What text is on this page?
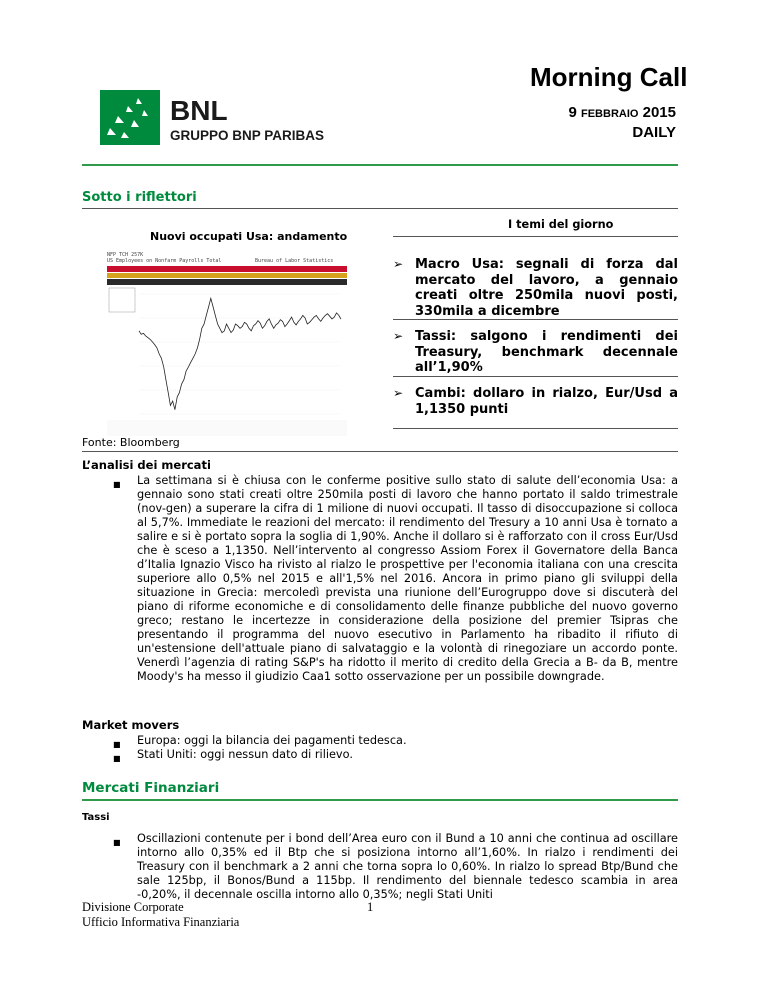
BNL
GRUPPO BNP PARIBAS
Morning Call
9 FEBBRAIO 2015
DAILY
Sotto i riflettori
Nuovi occupati Usa: andamento
I temi del giorno
NFP TCH 257K
US Employees on Nonfarm Payrolls Total	Bureau of Labor Statistics	➢ Macro Usa: segnali di forza dal mercato del lavoro, a gennaio creati oltre 250mila nuovi posti, 330mila a dicembre
➢ Tassi: salgono i rendimenti dei Treasury, benchmark decennale all’1,90%
➢ Cambi: dollaro in rialzo, Eur/Usd a 1,1350 punti
Fonte: Bloomberg
L’analisi dei mercati
■ La settimana si è chiusa con le conferme positive sullo stato di salute dell’economia Usa: a gennaio sono stati creati oltre 250mila posti di lavoro che hanno portato il saldo trimestrale (nov-gen) a superare la cifra di 1 milione di nuovi occupati. Il tasso di disoccupazione si colloca al 5,7%. Immediate le reazioni del mercato: il rendimento del Tresury a 10 anni Usa è tornato a salire e si è portato sopra la soglia di 1,90%. Anche il dollaro si è rafforzato con il cross Eur/Usd che è sceso a 1,1350. Nell’intervento al congresso Assiom Forex il Governatore della Banca d’Italia Ignazio Visco ha rivisto al rialzo le prospettive per l'economia italiana con una crescita superiore allo 0,5% nel 2015 e all'1,5% nel 2016. Ancora in primo piano gli sviluppi della situazione in Grecia: mercoledì prevista una riunione dell’Eurogruppo dove si discuterà del piano di riforme economiche e di consolidamento delle finanze pubbliche del nuovo governo greco; restano le incertezze in considerazione della posizione del premier Tsipras che presentando il programma del nuovo esecutivo in Parlamento ha ribadito il rifiuto di un'estensione dell'attuale piano di salvataggio e la volontà di rinegoziare un accordo ponte. Venerdì l’agenzia di rating S&P's ha ridotto il merito di credito della Grecia a B- da B, mentre Moody's ha messo il giudizio Caa1 sotto osservazione per un possibile downgrade.
Market movers
■ Europa: oggi la bilancia dei pagamenti tedesca.
■ Stati Uniti: oggi nessun dato di rilievo.
Mercati Finanziari
Tassi
■ Oscillazioni contenute per i bond dell’Area euro con il Bund a 10 anni che continua ad oscillare intorno allo 0,35% ed il Btp che si posiziona intorno all’1,60%. In rialzo i rendimenti dei Treasury con il benchmark a 2 anni che torna sopra lo 0,60%. In rialzo lo spread Btp/Bund che sale 125bp, il Bonos/Bund a 115bp. Il rendimento del biennale tedesco scambia in area -0,20%, il decennale oscilla intorno allo 0,35%; negli Stati Uniti
Divisione Corporate
Ufficio Informativa Finanziaria
1
